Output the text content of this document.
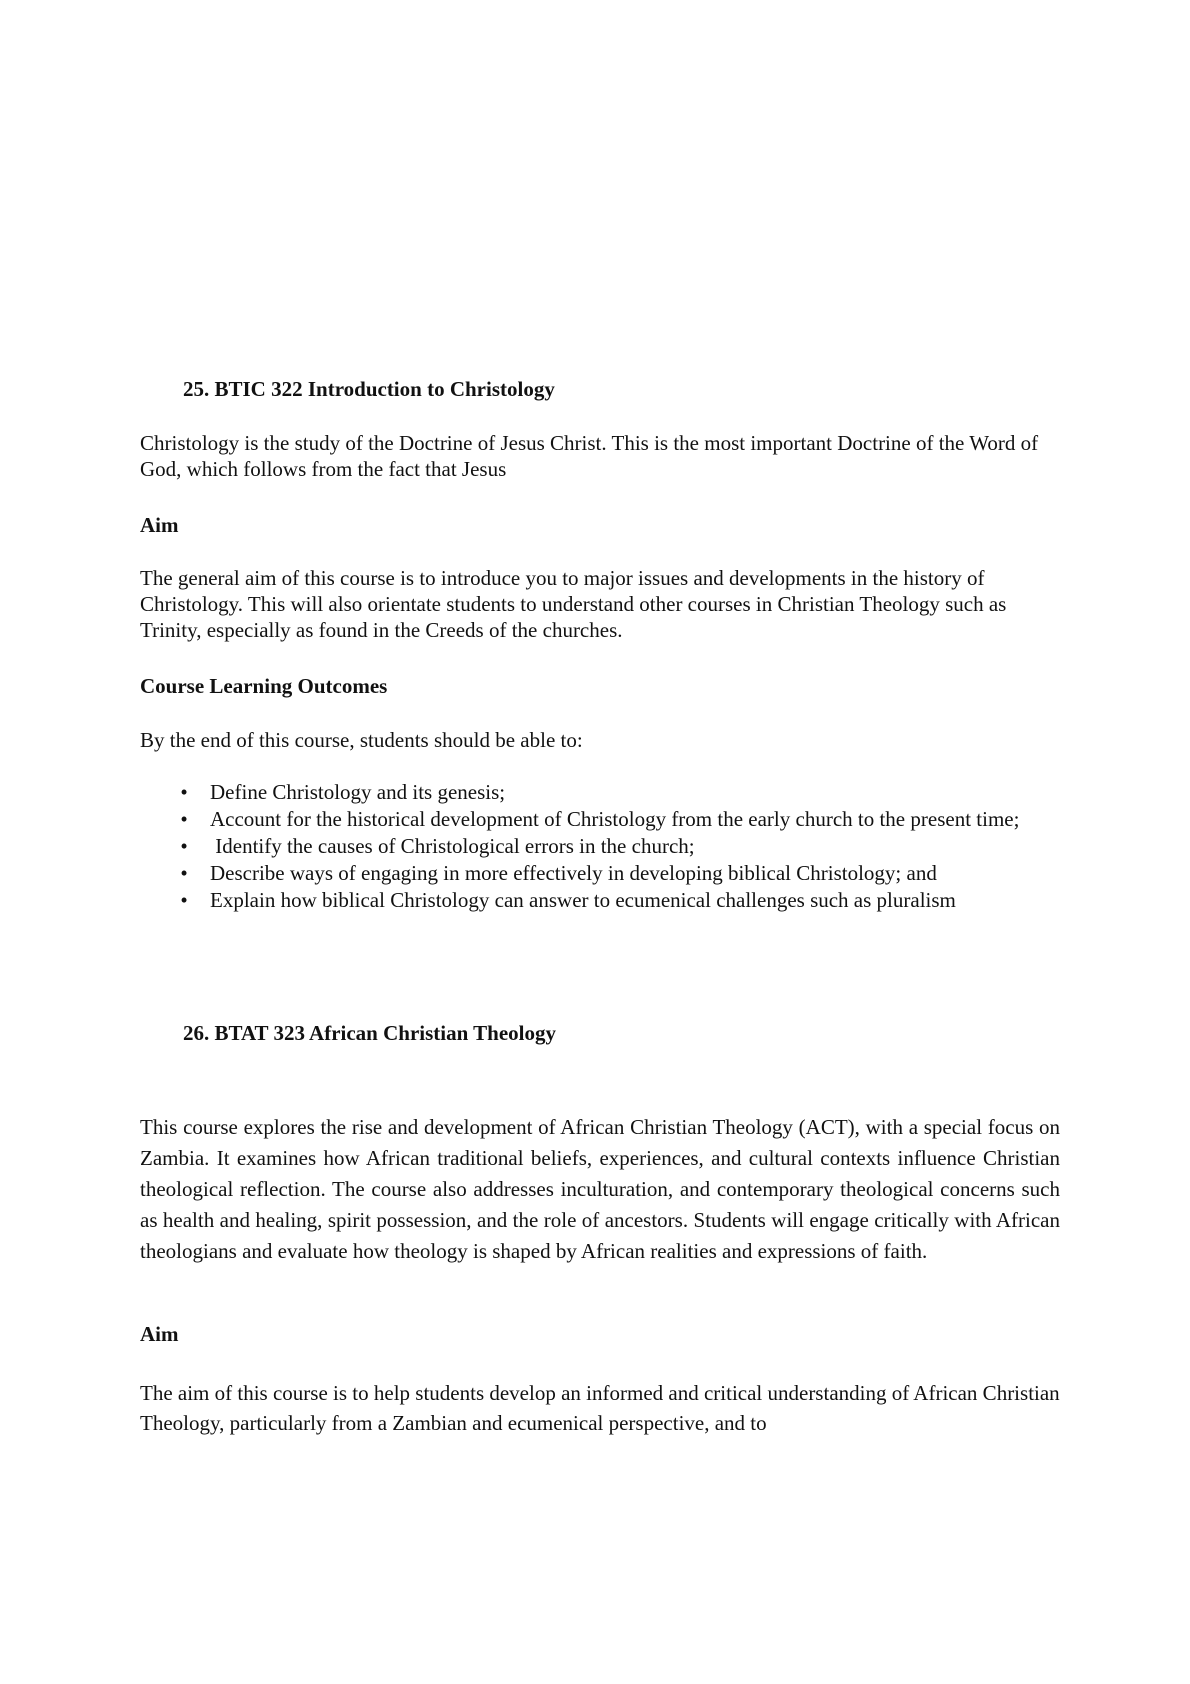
25. BTIC 322 Introduction to Christology

Christology is the study of the Doctrine of Jesus Christ. This is the most important Doctrine of the Word of God, which follows from the fact that Jesus

Aim

The general aim of this course is to introduce you to major issues and developments in the history of Christology. This will also orientate students to understand other courses in Christian Theology such as Trinity, especially as found in the Creeds of the churches.

Course Learning Outcomes

By the end of this course, students should be able to:

• Define Christology and its genesis;
• Account for the historical development of Christology from the early church to the present time;
• Identify the causes of Christological errors in the church;
• Describe ways of engaging in more effectively in developing biblical Christology; and
• Explain how biblical Christology can answer to ecumenical challenges such as pluralism

26. BTAT 323 African Christian Theology

This course explores the rise and development of African Christian Theology (ACT), with a special focus on Zambia. It examines how African traditional beliefs, experiences, and cultural contexts influence Christian theological reflection. The course also addresses inculturation, and contemporary theological concerns such as health and healing, spirit possession, and the role of ancestors. Students will engage critically with African theologians and evaluate how theology is shaped by African realities and expressions of faith.

Aim

The aim of this course is to help students develop an informed and critical understanding of African Christian Theology, particularly from a Zambian and ecumenical perspective, and to
